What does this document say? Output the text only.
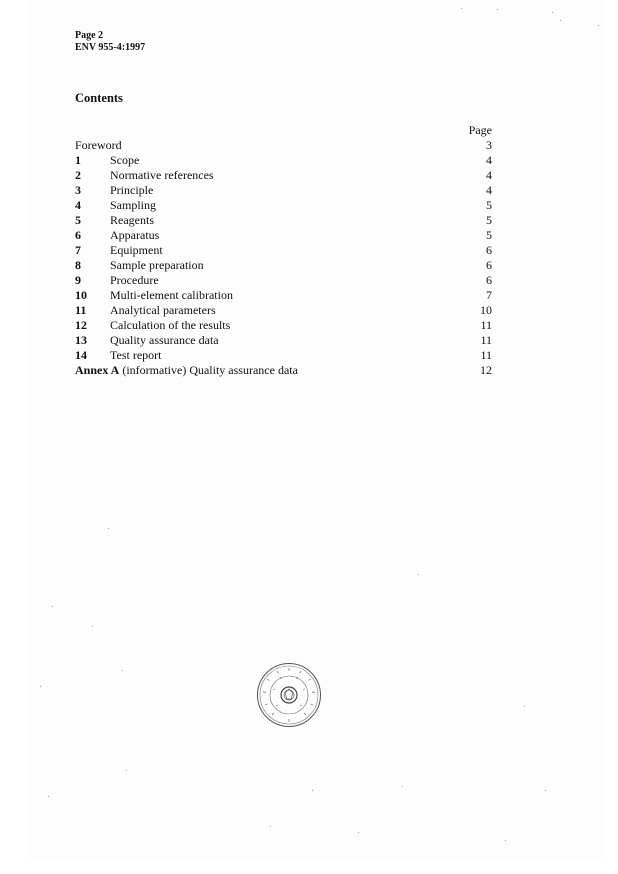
Page 2
ENV 955-4:1997
Contents
Page
Foreword	3
1 Scope	4
2 Normative references	4
3 Principle	4
4 Sampling	5
5 Reagents	5
6 Apparatus	5
7 Equipment	6
8 Sample preparation	6
9 Procedure	6
10 Multi-element calibration	7
11 Analytical parameters	10
12 Calculation of the results	11
13 Quality assurance data	11
14 Test report	11
Annex A (informative) Quality assurance data	12
